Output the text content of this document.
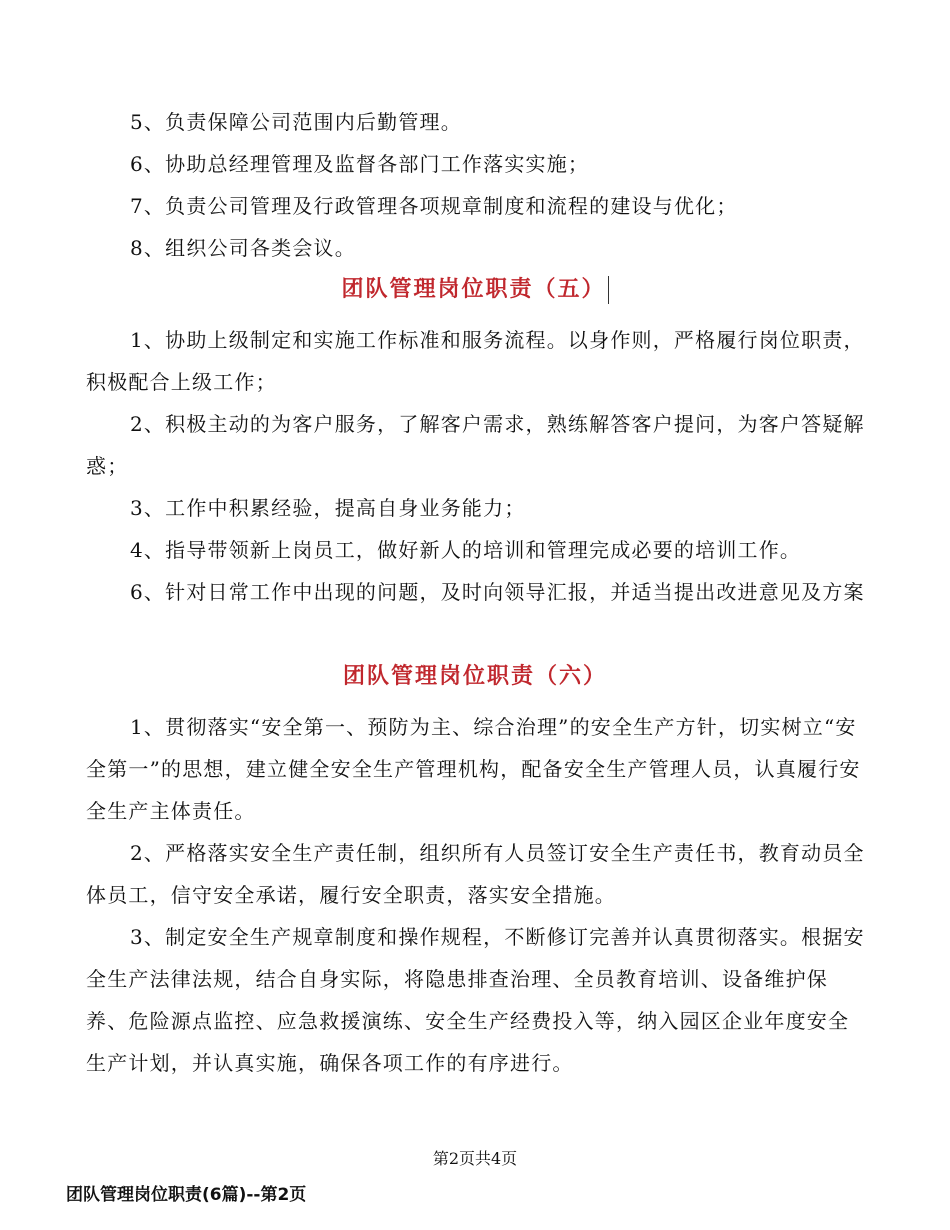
5、负责保障公司范围内后勤管理。

6、协助总经理管理及监督各部门工作落实实施；

7、负责公司管理及行政管理各项规章制度和流程的建设与优化；

8、组织公司各类会议。

团队管理岗位职责（五）

1、协助上级制定和实施工作标准和服务流程。以身作则，严格履行岗位职责，积极配合上级工作；

2、积极主动的为客户服务，了解客户需求，熟练解答客户提问，为客户答疑解惑；

3、工作中积累经验，提高自身业务能力；

4、指导带领新上岗员工，做好新人的培训和管理完成必要的培训工作。

6、针对日常工作中出现的问题，及时向领导汇报，并适当提出改进意见及方案

团队管理岗位职责（六）

1、贯彻落实“安全第一、预防为主、综合治理”的安全生产方针，切实树立“安全第一”的思想，建立健全安全生产管理机构，配备安全生产管理人员，认真履行安全生产主体责任。

2、严格落实安全生产责任制，组织所有人员签订安全生产责任书，教育动员全体员工，信守安全承诺，履行安全职责，落实安全措施。

3、制定安全生产规章制度和操作规程，不断修订完善并认真贯彻落实。根据安全生产法律法规，结合自身实际，将隐患排查治理、全员教育培训、设备维护保养、危险源点监控、应急救援演练、安全生产经费投入等，纳入园区企业年度安全生产计划，并认真实施，确保各项工作的有序进行。

第2页共4页
团队管理岗位职责(6篇)--第2页
